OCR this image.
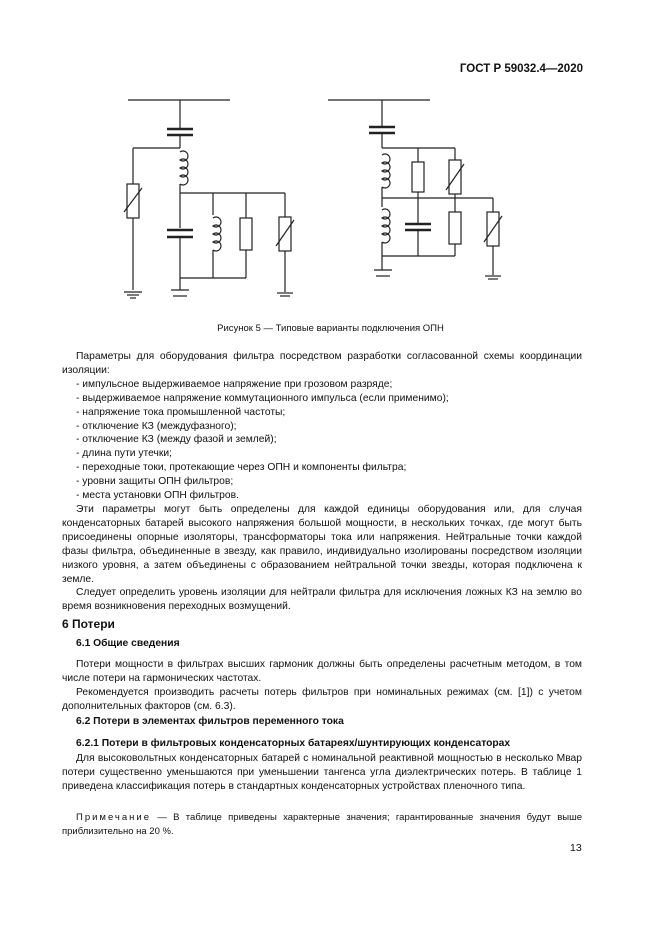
ГОСТ Р 59032.4—2020
Рисунок 5 — Типовые варианты подключения ОПН

Параметры для оборудования фильтра посредством разработки согласованной схемы координации изоляции:

- импульсное выдерживаемое напряжение при грозовом разряде;
- выдерживаемое напряжение коммутационного импульса (если применимо);
- напряжение тока промышленной частоты;
- отключение КЗ (междуфазного);
- отключение КЗ (между фазой и землей);
- длина пути утечки;
- переходные токи, протекающие через ОПН и компоненты фильтра;
- уровни защиты ОПН фильтров;
- места установки ОПН фильтров.

Эти параметры могут быть определены для каждой единицы оборудования или, для случая конденсаторных батарей высокого напряжения большой мощности, в нескольких точках, где могут быть присоединены опорные изоляторы, трансформаторы тока или напряжения. Нейтральные точки каждой фазы фильтра, объединенные в звезду, как правило, индивидуально изолированы посредством изоляции низкого уровня, а затем объединены с образованием нейтральной точки звезды, которая подключена к земле.

Следует определить уровень изоляции для нейтрали фильтра для исключения ложных КЗ на землю во время возникновения переходных возмущений.

6 Потери
6.1 Общие сведения

Потери мощности в фильтрах высших гармоник должны быть определены расчетным методом, в том числе потери на гармонических частотах.

Рекомендуется производить расчеты потерь фильтров при номинальных режимах (см. [1]) с учетом дополнительных факторов (см. 6.3).

6.2 Потери в элементах фильтров переменного тока
6.2.1 Потери в фильтровых конденсаторных батареях/шунтирующих конденсаторах

Для высоковольтных конденсаторных батарей с номинальной реактивной мощностью в несколько Мвар потери существенно уменьшаются при уменьшении тангенса угла диэлектрических потерь. В таблице 1 приведена классификация потерь в стандартных конденсаторных устройствах пленочного типа.

Примечание — В таблице приведены характерные значения; гарантированные значения будут выше приблизительно на 20 %.
13
